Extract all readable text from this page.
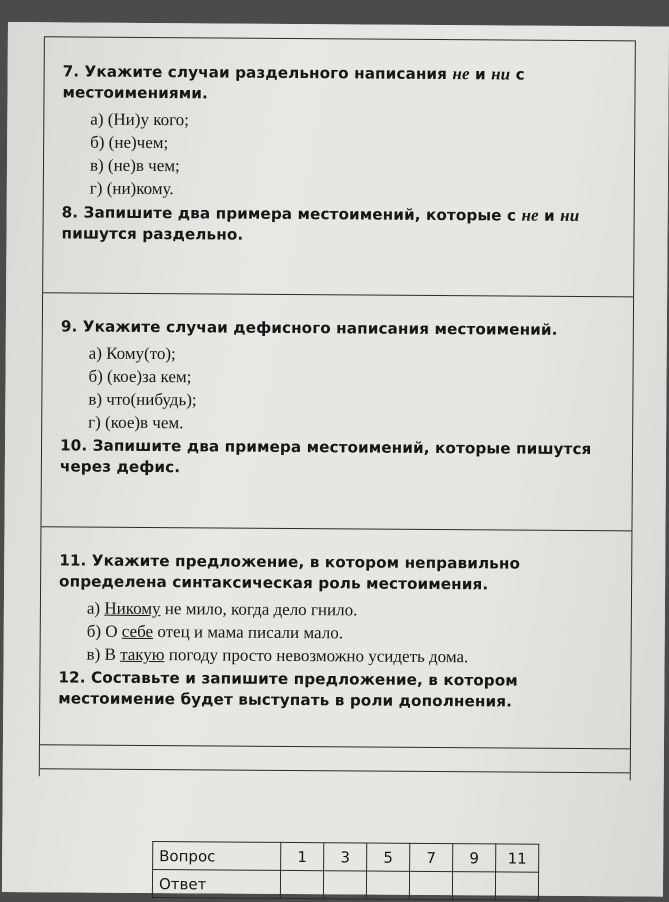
7. Укажите случаи раздельного написания не и ни с местоимениями.
а) (Ни)у кого;
б) (не)чем;
в) (не)в чем;
г) (ни)кому.
8. Запишите два примера местоимений, которые с не и ни пишутся раздельно.
9. Укажите случаи дефисного написания местоимений.
а) Кому(то);
б) (кое)за кем;
в) что(нибудь);
г) (кое)в чем.
10. Запишите два примера местоимений, которые пишутся через дефис.
11. Укажите предложение, в котором неправильно определена синтаксическая роль местоимения.
а) Никому не мило, когда дело гнило.
б) О себе отец и мама писали мало.
в) В такую погоду просто невозможно усидеть дома.
12. Составьте и запишите предложение, в котором местоимение будет выступать в роли дополнения.
Вопрос	1	3	5	7	9	11
Ответ						
